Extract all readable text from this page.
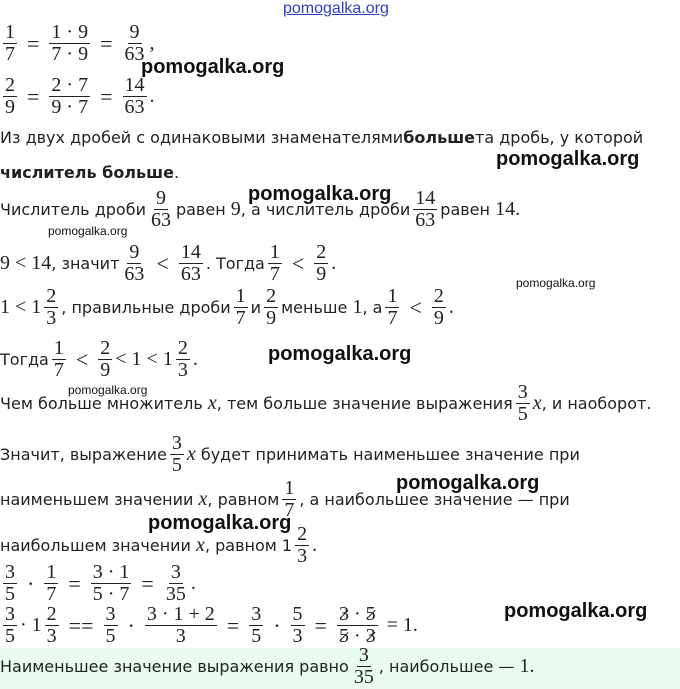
pomogalka.org
$\frac{1}{7} = \frac{1 \cdot 9}{7 \cdot 9} = \frac{9}{63}$ ,
$\frac{2}{9} = \frac{2 \cdot 7}{9 \cdot 7} = \frac{14}{63}$ .
Из двух дробей с одинаковыми знаменателями больше та дробь, у которой
числитель больше .
Числитель дроби $\frac{9}{63}$ равен
9 , а числитель дроби $\frac{14}{63}$ равен
14.
9 < 14 , значит $\frac{9}{63} < \frac{14}{63}$ . Тогда $\frac{1}{7} < \frac{2}{9}$ .
$1 < 1 \frac{2}{3}$ , правильные дроби $\frac{1}{7}$ и $\frac{2}{9}$ меньше
1 , а $\frac{1}{7} < \frac{2}{9}$ .
Тогда $\frac{1}{7} < \frac{2}{9} < 1 < 1 \frac{2}{3}$ .
Чем больше множитель
x , тем больше значение выражения $\frac{3}{5}$ x , и наоборот.
Значит, выражение $\frac{3}{5}$ x
будет принимать наименьшее значение при
наименьшем значении
x , равном $\frac{1}{7}$ , а наибольшее значение — при
наибольшем значении
x , равном $1 \frac{2}{3}$ .
$\frac{3}{5} \cdot \frac{1}{7} = \frac{3 \cdot 1}{5 \cdot 7} = \frac{3}{35}$ .
$\frac{3}{5} \cdot 1 \frac{2}{3} == \frac{3}{5} \cdot \frac{3 \cdot 1 + 2}{3} = \frac{3}{5} \cdot \frac{5}{3} = \frac{3 \cdot 5}{5 \cdot 3} = 1$.
Наименьшее значение выражения равно $\frac{3}{35}$ , наибольшее —
1.
pomogalka.org
pomogalka.org
pomogalka.org
pomogalka.org
pomogalka.org
pomogalka.org
pomogalka.org
pomogalka.org
pomogalka.org
pomogalka.org
